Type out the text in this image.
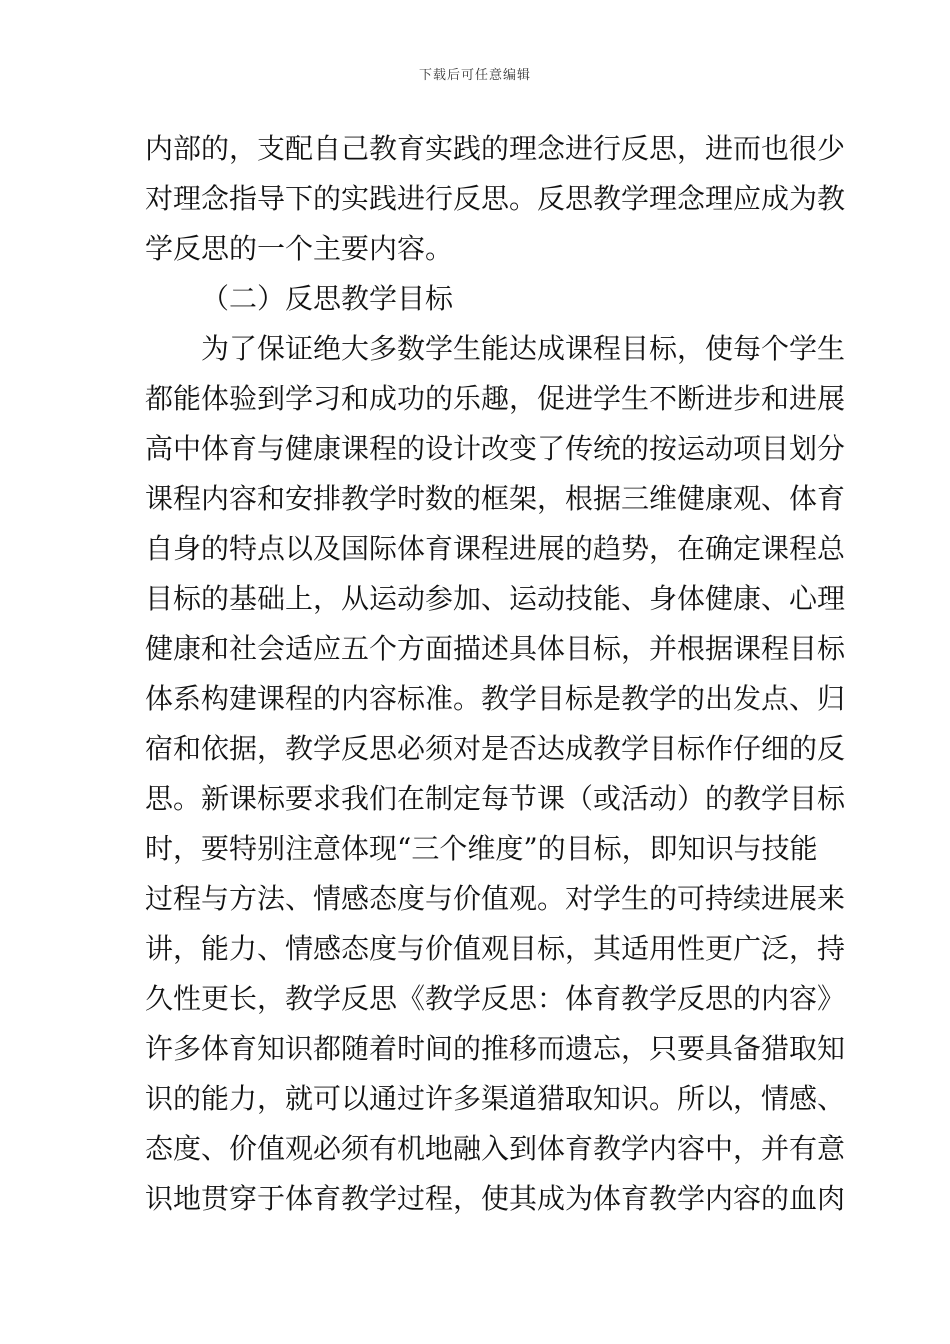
下载后可任意编辑
内部的，支配自己教育实践的理念进行反思，进而也很少
对理念指导下的实践进行反思。反思教学理念理应成为教
学反思的一个主要内容。
（二）反思教学目标
为了保证绝大多数学生能达成课程目标，使每个学生
都能体验到学习和成功的乐趣，促进学生不断进步和进展
高中体育与健康课程的设计改变了传统的按运动项目划分
课程内容和安排教学时数的框架，根据三维健康观、体育
自身的特点以及国际体育课程进展的趋势，在确定课程总
目标的基础上，从运动参加、运动技能、身体健康、心理
健康和社会适应五个方面描述具体目标，并根据课程目标
体系构建课程的内容标准。教学目标是教学的出发点、归
宿和依据，教学反思必须对是否达成教学目标作仔细的反
思。新课标要求我们在制定每节课（或活动）的教学目标
时，要特别注意体现“三个维度”的目标，即知识与技能
过程与方法、情感态度与价值观。对学生的可持续进展来
讲，能力、情感态度与价值观目标，其适用性更广泛，持
久性更长，教学反思《教学反思：体育教学反思的内容》
许多体育知识都随着时间的推移而遗忘，只要具备猎取知
识的能力，就可以通过许多渠道猎取知识。所以，情感、
态度、价值观必须有机地融入到体育教学内容中，并有意
识地贯穿于体育教学过程，使其成为体育教学内容的血肉
